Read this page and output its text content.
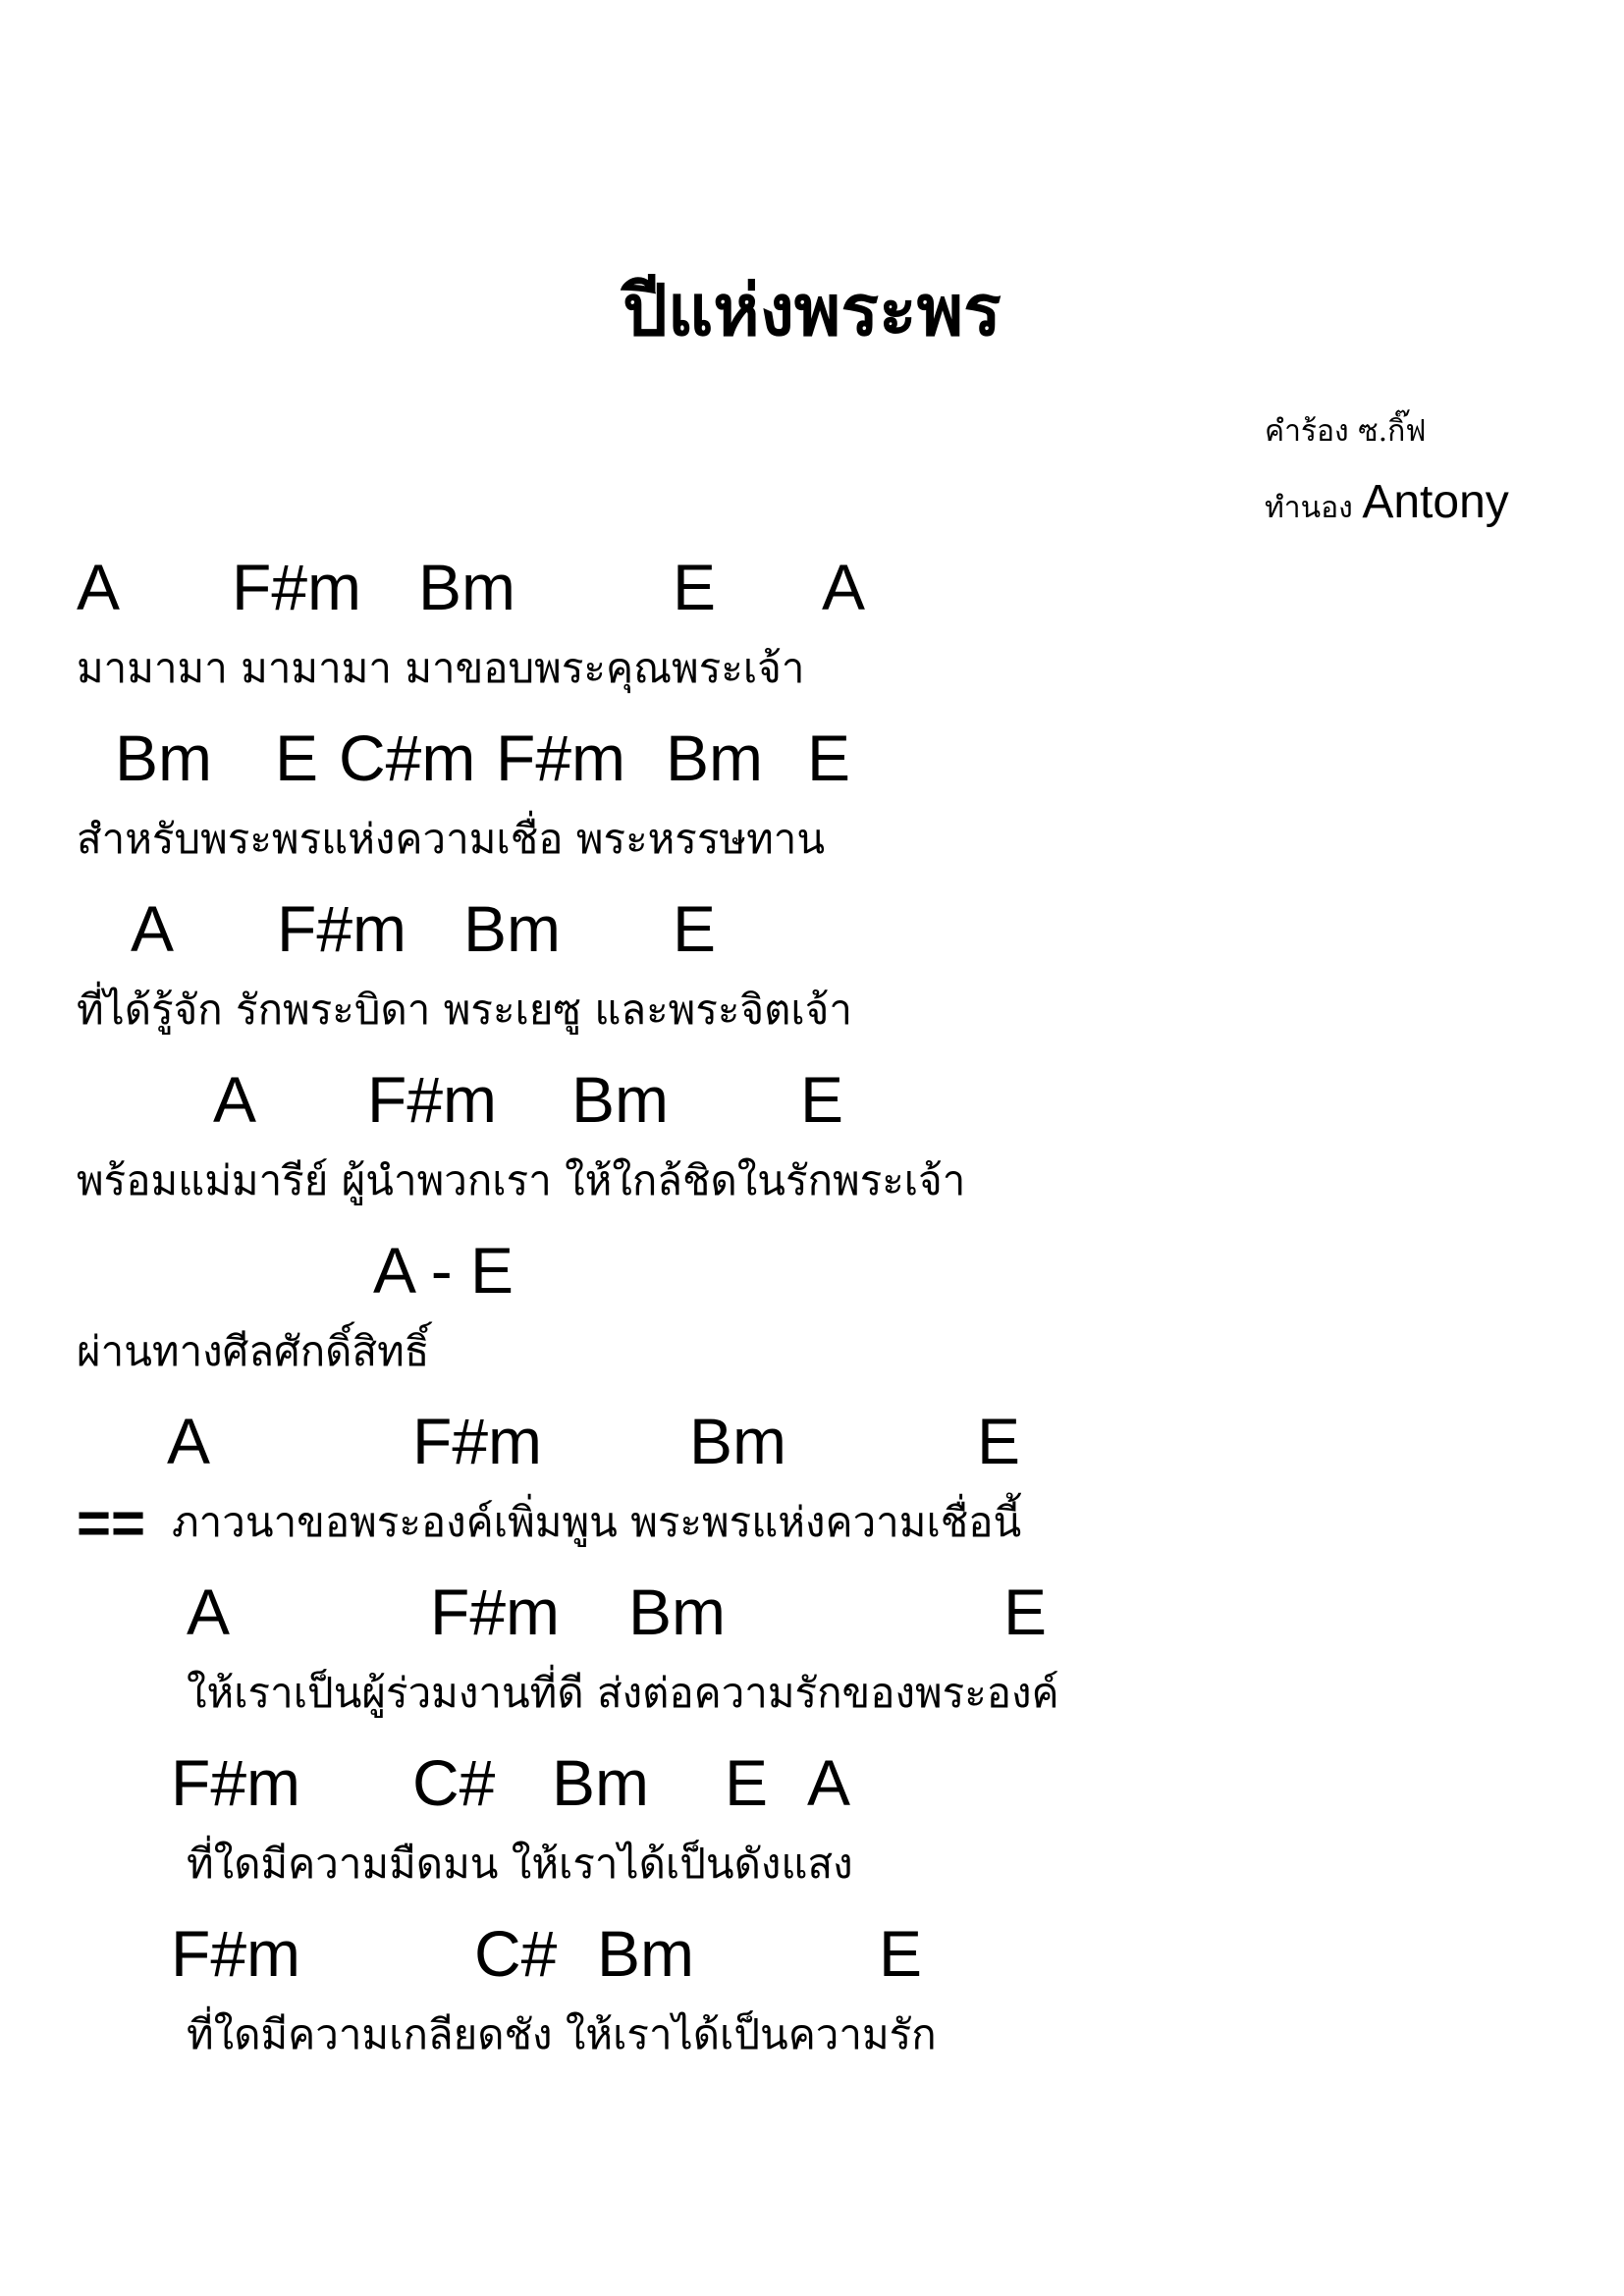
ปีแห่งพระพร
คำร้อง ซ.กิ๊ฟ
ทำนอง Antony
A F#m Bm E A
มามามา มามามา มาขอบพระคุณพระเจ้า
Bm E C#m F#m Bm E
สำหรับพระพรแห่งความเชื่อ พระหรรษทาน
A F#m Bm E
ที่ได้รู้จัก รักพระบิดา พระเยซู และพระจิตเจ้า
A F#m Bm E
พร้อมแม่มารีย์ ผู้นำพวกเรา ให้ใกล้ชิดในรักพระเจ้า
A - E
ผ่านทางศีลศักดิ์สิทธิ์
A	F#m Bm	E
== ภาวนาขอพระองค์เพิ่มพูน พระพรแห่งความเชื่อนี้
A	F#m Bm	E
ให้เราเป็นผู้ร่วมงานที่ดี ส่งต่อความรักของพระองค์
F#m C# Bm E A
ที่ใดมีความมืดมน ให้เราได้เป็นดังแสง
F#m	C# Bm	E
ที่ใดมีความเกลียดชัง ให้เราได้เป็นความรัก
